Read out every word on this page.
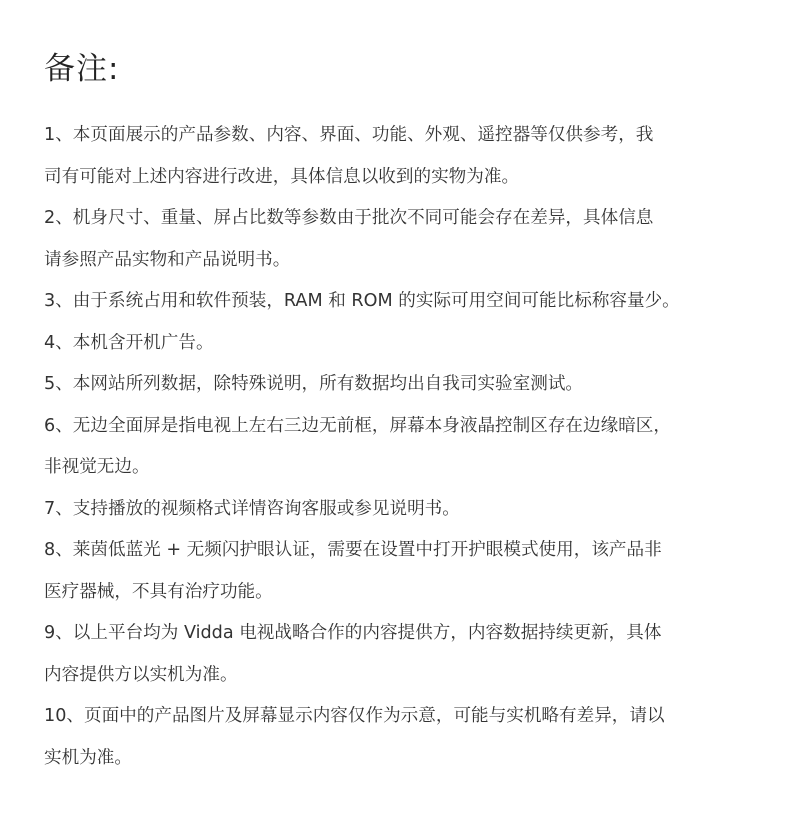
备注:
1、本页面展示的产品参数、内容、界面、功能、外观、遥控器等仅供参考，我
司有可能对上述内容进行改进，具体信息以收到的实物为准。
2、机身尺寸、重量、屏占比数等参数由于批次不同可能会存在差异，具体信息
请参照产品实物和产品说明书。
3、由于系统占用和软件预装，RAM 和 ROM 的实际可用空间可能比标称容量少。
4、本机含开机广告。
5、本网站所列数据，除特殊说明，所有数据均出自我司实验室测试。
6、无边全面屏是指电视上左右三边无前框，屏幕本身液晶控制区存在边缘暗区，
非视觉无边。
7、支持播放的视频格式详情咨询客服或参见说明书。
8、莱茵低蓝光 + 无频闪护眼认证，需要在设置中打开护眼模式使用，该产品非
医疗器械，不具有治疗功能。
9、以上平台均为 Vidda 电视战略合作的内容提供方，内容数据持续更新，具体
内容提供方以实机为准。
10、页面中的产品图片及屏幕显示内容仅作为示意，可能与实机略有差异，请以
实机为准。
